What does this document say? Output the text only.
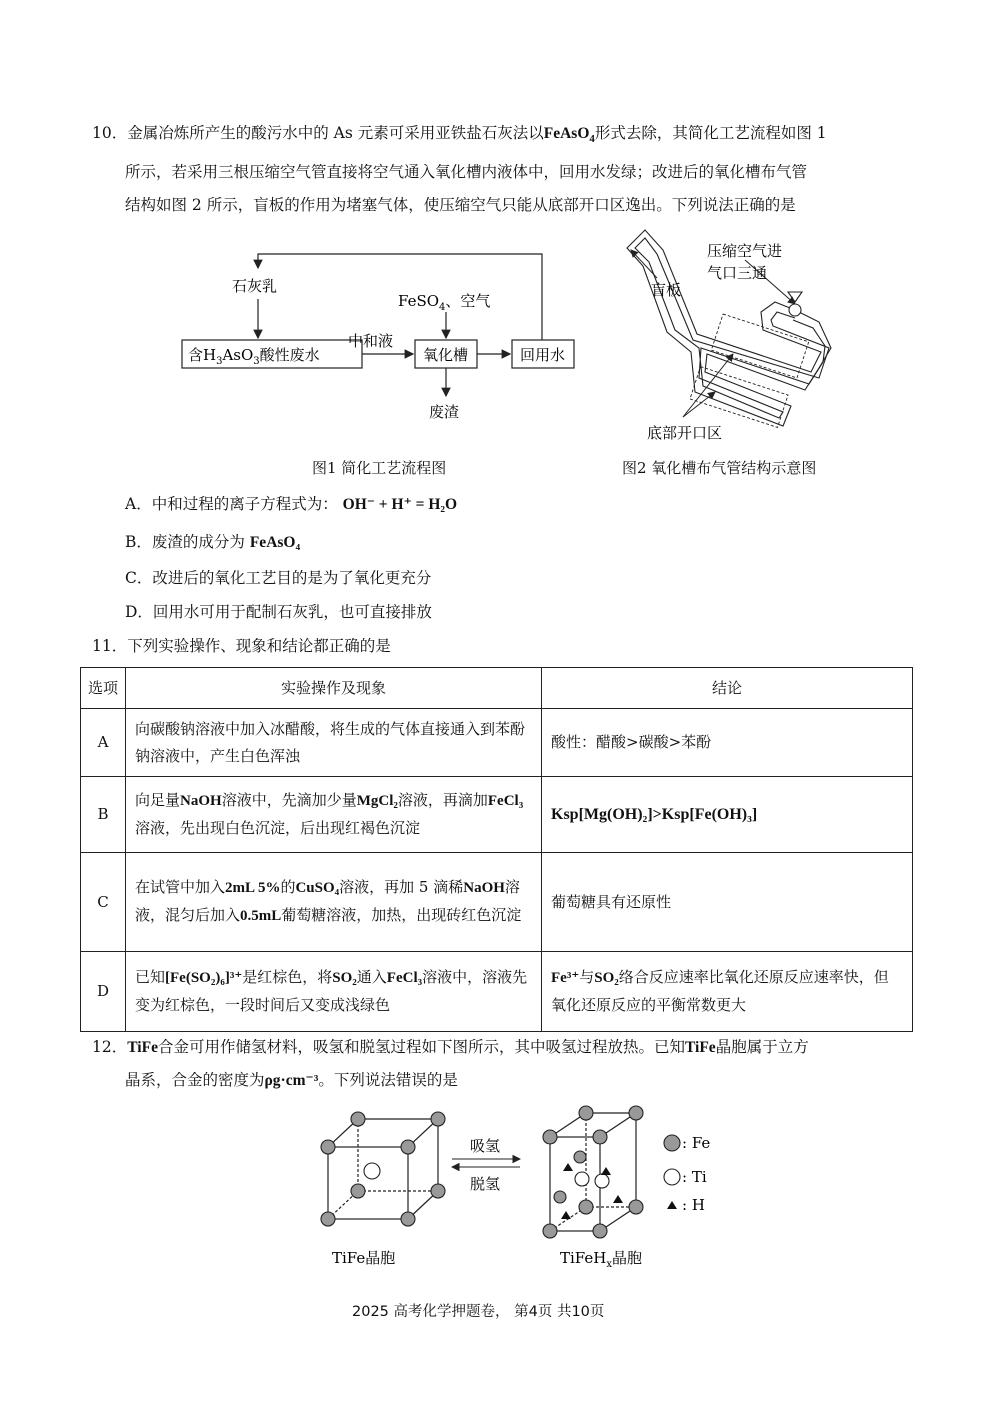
10．金属冶炼所产生的酸污水中的 As 元素可采用亚铁盐石灰法以FeAsO$_4$形式去除，其简化工艺流程如图 1

所示，若采用三根压缩空气管直接将空气通入氧化槽内液体中，回用水发绿；改进后的氧化槽布气管

结构如图 2 所示，盲板的作用为堵塞气体，使压缩空气只能从底部开口区逸出。下列说法正确的是

石灰乳
含$H_3AsO_3$酸性废水
中和液
FeSO$_4$、空气
氧化槽	回用水
废渣
图1 简化工艺流程图
压缩空气进
气口三通
盲板
底部开口区
图2 氧化槽布气管结构示意图
A．中和过程的离子方程式为： OH⁻ + H⁺ = H₂O
B．废渣的成分为 FeAsO₄
C．改进后的氧化工艺目的是为了氧化更充分
D．回用水可用于配制石灰乳，也可直接排放
11．下列实验操作、现象和结论都正确的是
选项	实验操作及现象	结论
A	向碳酸钠溶液中加入冰醋酸，将生成的气体直接通入到苯酚钠溶液中，产生白色浑浊	酸性：醋酸>碳酸>苯酚
B	向足量NaOH溶液中，先滴加少量MgCl₂溶液，再滴加FeCl₃溶液，先出现白色沉淀，后出现红褐色沉淀	Ksp[Mg(OH)₂]>Ksp[Fe(OH)₃]
C	在试管中加入2mL 5%的CuSO₄溶液，再加 5 滴稀NaOH溶液，混匀后加入0.5mL葡萄糖溶液，加热，出现砖红色沉淀	葡萄糖具有还原性
D	已知[Fe(SO₂)₆]³⁺是红棕色，将SO₂通入FeCl₃溶液中，溶液先变为红棕色，一段时间后又变成浅绿色	Fe³⁺与SO₂络合反应速率比氧化还原反应速率快，但氧化还原反应的平衡常数更大

12．TiFe合金可用作储氢材料，吸氢和脱氢过程如下图所示，其中吸氢过程放热。已知TiFe晶胞属于立方

晶系，合金的密度为ρg·cm⁻³。下列说法错误的是

吸氢
脱氢
: Fe
: Ti
: H
TiFe晶胞	TiFeH$_x$晶胞
2025 高考化学押题卷， 第4页 共10页
